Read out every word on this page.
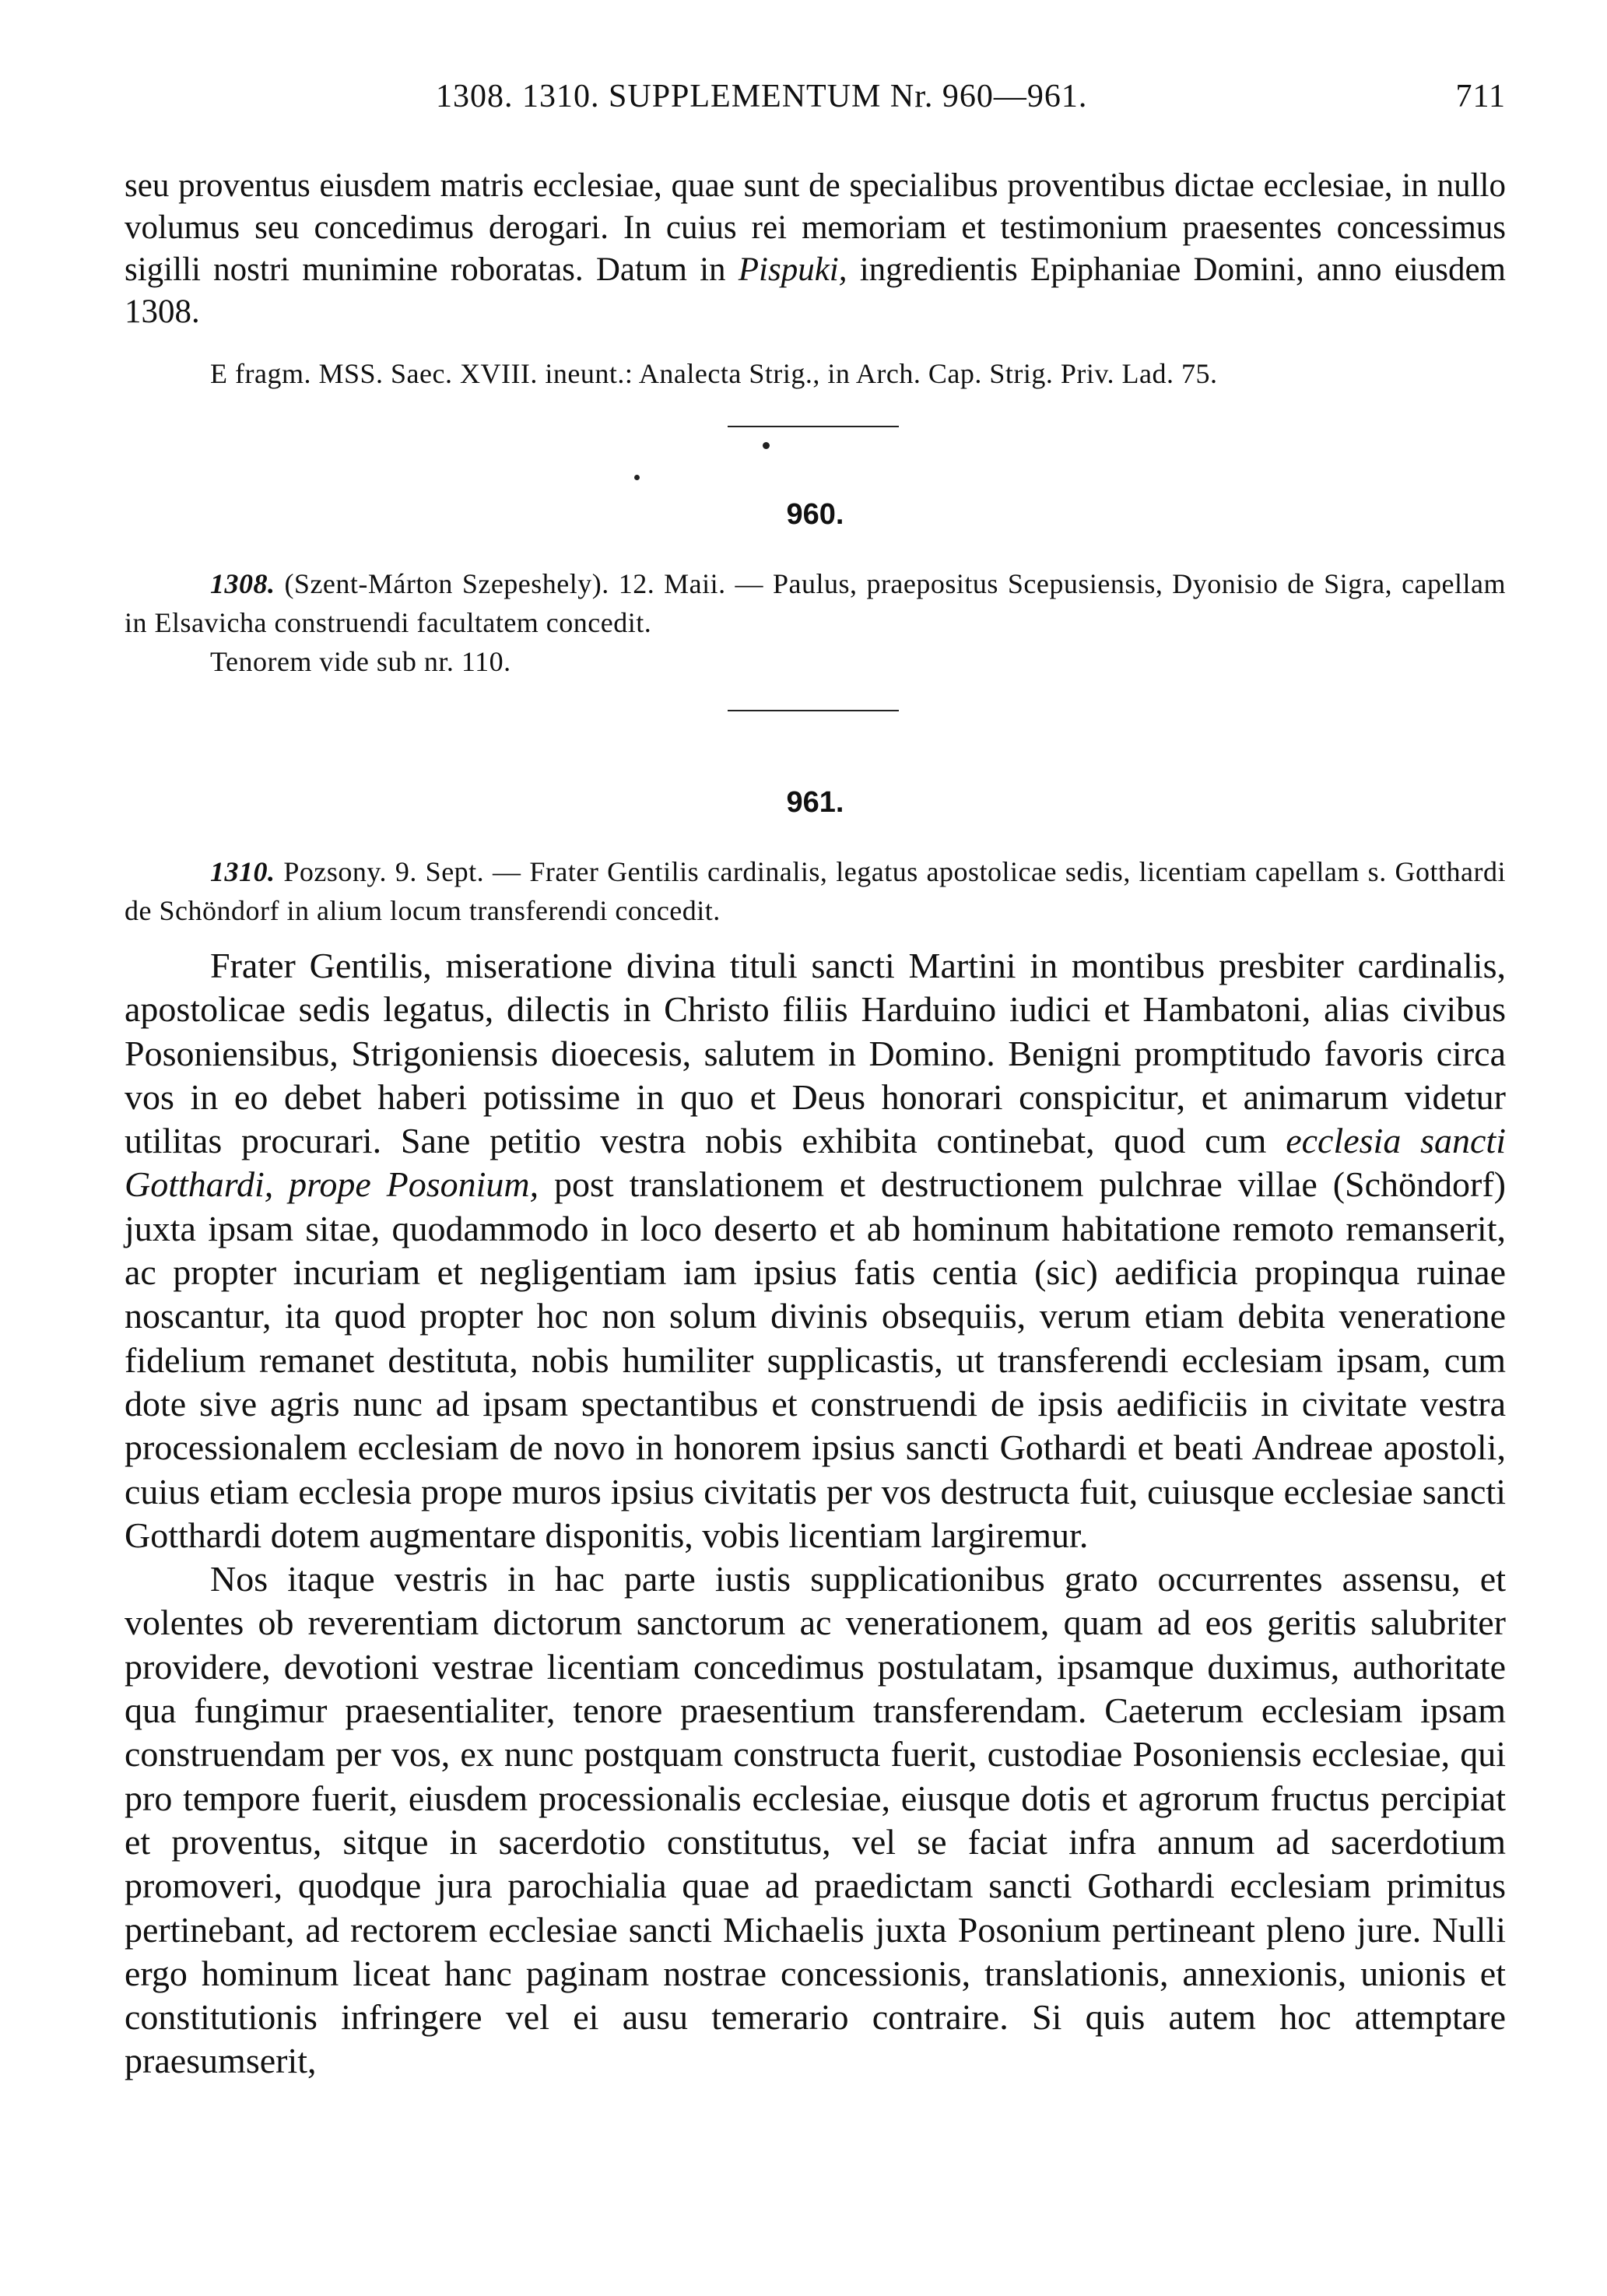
1308. 1310. SUPPLEMENTUM Nr. 960—961.	711

seu proventus eiusdem matris ecclesiae, quae sunt de specialibus proventibus dictae ecclesiae, in nullo volumus seu concedimus derogari. In cuius rei memoriam et testimonium praesentes concessimus sigilli nostri munimine roboratas. Datum in Pispuki, ingredientis Epiphaniae Domini, anno eiusdem 1308.

E fragm. MSS. Saec. XVIII. ineunt.: Analecta Strig., in Arch. Cap. Strig. Priv. Lad. 75.

960.

1308. (Szent-Márton Szepeshely). 12. Maii. — Paulus, praepositus Scepusiensis, Dyonisio de Sigra, capellam in Elsavicha construendi facultatem concedit.

Tenorem vide sub nr. 110.

961.

1310. Pozsony. 9. Sept. — Frater Gentilis cardinalis, legatus apostolicae sedis, licentiam capellam s. Gotthardi de Schöndorf in alium locum transferendi concedit.

Frater Gentilis, miseratione divina tituli sancti Martini in montibus presbiter cardinalis, apostolicae sedis legatus, dilectis in Christo filiis Harduino iudici et Hambatoni, alias civibus Posoniensibus, Strigoniensis dioecesis, salutem in Domino. Benigni promptitudo favoris circa vos in eo debet haberi potissime in quo et Deus honorari conspicitur, et animarum videtur utilitas procurari. Sane petitio vestra nobis exhibita continebat, quod cum ecclesia sancti Gotthardi, prope Posonium, post translationem et destructionem pulchrae villae (Schöndorf) juxta ipsam sitae, quodammodo in loco deserto et ab hominum habitatione remoto remanserit, ac propter incuriam et negligentiam iam ipsius fatis centia (sic) aedificia propinqua ruinae noscantur, ita quod propter hoc non solum divinis obsequiis, verum etiam debita veneratione fidelium remanet destituta, nobis humiliter supplicastis, ut transferendi ecclesiam ipsam, cum dote sive agris nunc ad ipsam spectantibus et construendi de ipsis aedificiis in civitate vestra processionalem ecclesiam de novo in honorem ipsius sancti Gothardi et beati Andreae apostoli, cuius etiam ecclesia prope muros ipsius civitatis per vos destructa fuit, cuiusque ecclesiae sancti Gotthardi dotem augmentare disponitis, vobis licentiam largiremur.

Nos itaque vestris in hac parte iustis supplicationibus grato occurrentes assensu, et volentes ob reverentiam dictorum sanctorum ac venerationem, quam ad eos geritis salubriter providere, devotioni vestrae licentiam concedimus postulatam, ipsamque duximus, authoritate qua fungimur praesentialiter, tenore praesentium transferendam. Caeterum ecclesiam ipsam construendam per vos, ex nunc postquam constructa fuerit, custodiae Posoniensis ecclesiae, qui pro tempore fuerit, eiusdem processionalis ecclesiae, eiusque dotis et agrorum fructus percipiat et proventus, sitque in sacerdotio constitutus, vel se faciat infra annum ad sacerdotium promoveri, quodque jura parochialia quae ad praedictam sancti Gothardi ecclesiam primitus pertinebant, ad rectorem ecclesiae sancti Michaelis juxta Posonium pertineant pleno jure. Nulli ergo hominum liceat hanc paginam nostrae concessionis, translationis, annexionis, unionis et constitutionis infringere vel ei ausu temerario contraire. Si quis autem hoc attemptare praesumserit,
